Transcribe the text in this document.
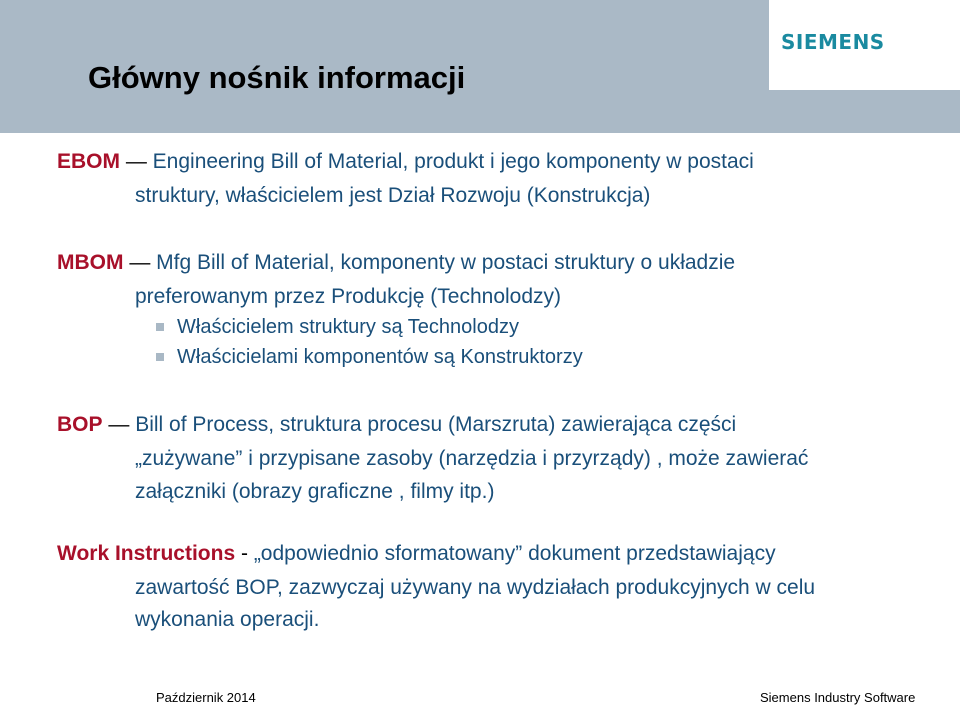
SIEMENS
Główny nośnik informacji
EBOM — Engineering Bill of Material, produkt i jego komponenty w postaci
struktury, właścicielem jest Dział Rozwoju (Konstrukcja)
MBOM — Mfg Bill of Material, komponenty w postaci struktury o układzie
preferowanym przez Produkcję (Technolodzy)
Właścicielem struktury są Technolodzy
Właścicielami komponentów są Konstruktorzy
BOP — Bill of Process, struktura procesu (Marszruta) zawierająca części
„zużywane” i przypisane zasoby (narzędzia i przyrządy) , może zawierać
załączniki (obrazy graficzne , filmy itp.)
Work Instructions - „odpowiednio sformatowany” dokument przedstawiający
zawartość BOP, zazwyczaj używany na wydziałach produkcyjnych w celu
wykonania operacji.
Październik 2014	Siemens Industry Software
